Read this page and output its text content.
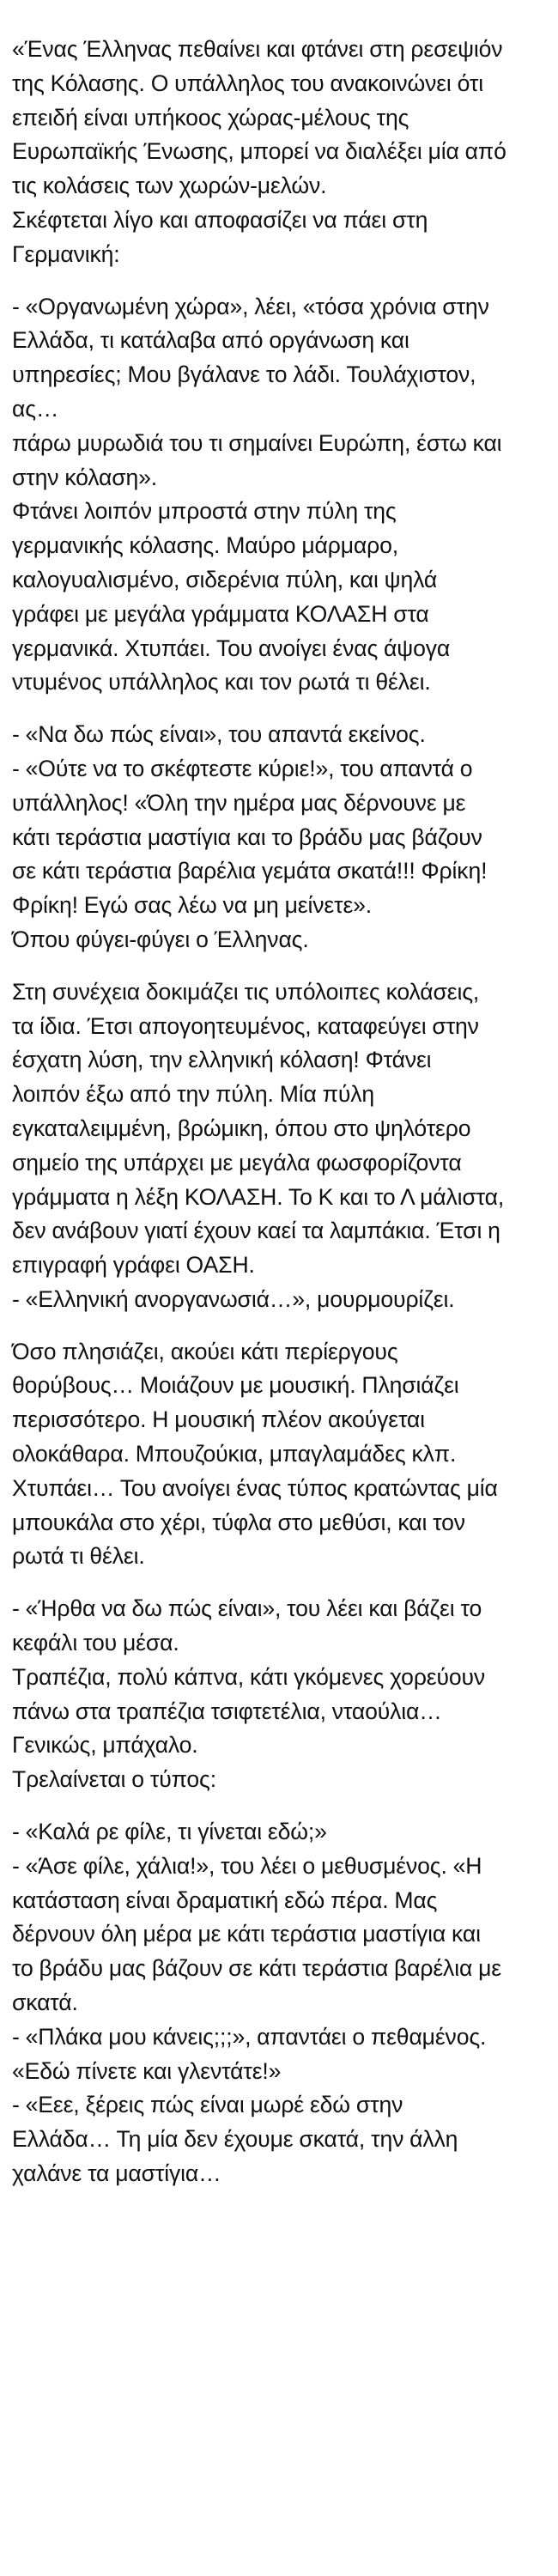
«Ένας Έλληνας πεθαίνει και φτάνει στη ρεσεψιόν
της Κόλασης. Ο υπάλληλος του ανακοινώνει ότι
επειδή είναι υπήκοος χώρας-μέλους της
Ευρωπαϊκής Ένωσης, μπορεί να διαλέξει μία από
τις κολάσεις των χωρών-μελών.
Σκέφτεται λίγο και αποφασίζει να πάει στη
Γερμανική:

- «Οργανωμένη χώρα», λέει, «τόσα χρόνια στην
Ελλάδα, τι κατάλαβα από οργάνωση και
υπηρεσίες; Μου βγάλανε το λάδι. Τουλάχιστον,
ας…
πάρω μυρωδιά του τι σημαίνει Ευρώπη, έστω και
στην κόλαση».
Φτάνει λοιπόν μπροστά στην πύλη της
γερμανικής κόλασης. Μαύρο μάρμαρο,
καλογυαλισμένο, σιδερένια πύλη, και ψηλά
γράφει με μεγάλα γράμματα ΚΟΛΑΣΗ στα
γερμανικά. Χτυπάει. Του ανοίγει ένας άψογα
ντυμένος υπάλληλος και τον ρωτά τι θέλει.

- «Να δω πώς είναι», του απαντά εκείνος.
- «Ούτε να το σκέφτεστε κύριε!», του απαντά ο
υπάλληλος! «Όλη την ημέρα μας δέρνουνε με
κάτι τεράστια μαστίγια και το βράδυ μας βάζουν
σε κάτι τεράστια βαρέλια γεμάτα σκατά!!! Φρίκη!
Φρίκη! Εγώ σας λέω να μη μείνετε».
Όπου φύγει-φύγει ο Έλληνας.

Στη συνέχεια δοκιμάζει τις υπόλοιπες κολάσεις,
τα ίδια. Έτσι απογοητευμένος, καταφεύγει στην
έσχατη λύση, την ελληνική κόλαση! Φτάνει
λοιπόν έξω από την πύλη. Μία πύλη
εγκαταλειμμένη, βρώμικη, όπου στο ψηλότερο
σημείο της υπάρχει με μεγάλα φωσφορίζοντα
γράμματα η λέξη ΚΟΛΑΣΗ. Το Κ και το Λ μάλιστα,
δεν ανάβουν γιατί έχουν καεί τα λαμπάκια. Έτσι η
επιγραφή γράφει ΟΑΣΗ.
- «Ελληνική ανοργανωσιά…», μουρμουρίζει.

Όσο πλησιάζει, ακούει κάτι περίεργους
θορύβους… Μοιάζουν με μουσική. Πλησιάζει
περισσότερο. Η μουσική πλέον ακούγεται
ολοκάθαρα. Μπουζούκια, μπαγλαμάδες κλπ.
Χτυπάει… Του ανοίγει ένας τύπος κρατώντας μία
μπουκάλα στο χέρι, τύφλα στο μεθύσι, και τον
ρωτά τι θέλει.

- «Ήρθα να δω πώς είναι», του λέει και βάζει το
κεφάλι του μέσα.
Τραπέζια, πολύ κάπνα, κάτι γκόμενες χορεύουν
πάνω στα τραπέζια τσιφτετέλια, νταούλια…
Γενικώς, μπάχαλο.
Τρελαίνεται ο τύπος:

- «Καλά ρε φίλε, τι γίνεται εδώ;»
- «Άσε φίλε, χάλια!», του λέει ο μεθυσμένος. «Η
κατάσταση είναι δραματική εδώ πέρα. Μας
δέρνουν όλη μέρα με κάτι τεράστια μαστίγια και
το βράδυ μας βάζουν σε κάτι τεράστια βαρέλια με
σκατά.
- «Πλάκα μου κάνεις;;;», απαντάει ο πεθαμένος.
«Εδώ πίνετε και γλεντάτε!»
- «Εεε, ξέρεις πώς είναι μωρέ εδώ στην
Ελλάδα… Τη μία δεν έχουμε σκατά, την άλλη
χαλάνε τα μαστίγια…
